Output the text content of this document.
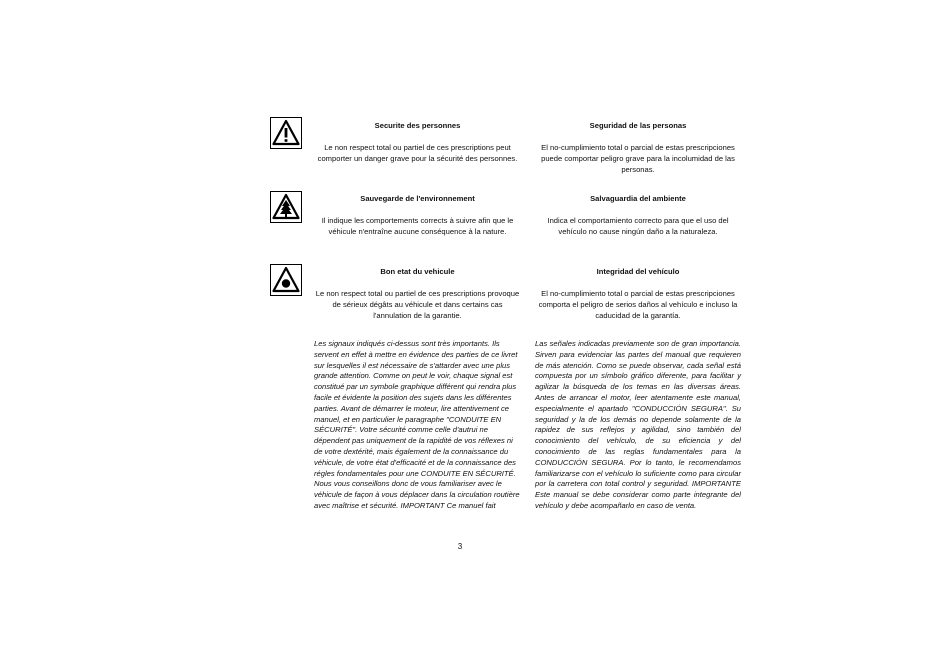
Securite des personnes

Le non respect total ou partiel de ces prescriptions peut comporter un danger grave pour la sécurité des personnes.

Seguridad de las personas

El no-cumplimiento total o parcial de estas prescripciones puede comportar peligro grave para la incolumidad de las personas.

Sauvegarde de l'environnement

Il indique les comportements corrects à suivre afin que le véhicule n'entraîne aucune conséquence à la nature.

Salvaguardia del ambiente

Indica el comportamiento correcto para que el uso del vehículo no cause ningún daño a la naturaleza.

Bon etat du vehicule

Le non respect total ou partiel de ces prescriptions provoque de sérieux dégâts au véhicule et dans certains cas l'annulation de la garantie.

Integridad del vehículo

El no-cumplimiento total o parcial de estas prescripciones comporta el peligro de serios daños al vehículo e incluso la caducidad de la garantía.

Les signaux indiqués ci-dessus sont très importants. Ils servent en effet à mettre en évidence des parties de ce livret sur lesquelles il est nécessaire de s'attarder avec une plus grande attention. Comme on peut le voir, chaque signal est constitué par un symbole graphique différent qui rendra plus facile et évidente la position des sujets dans les différentes parties. Avant de démarrer le moteur, lire attentivement ce manuel, et en particulier le paragraphe "CONDUITE EN SÉCURITÉ". Votre sécurité comme celle d'autrui ne dépendent pas uniquement de la rapidité de vos réflexes ni de votre dextérité, mais également de la connaissance du véhicule, de votre état d'efficacité et de la connaissance des régles fondamentales pour une CONDUITE EN SÉCURITÉ. Nous vous conseillons donc de vous familiariser avec le véhicule de façon à vous déplacer dans la circulation routière avec maîtrise et sécurité. IMPORTANT Ce manuel fait
Las señales indicadas previamente son de gran importancia. Sirven para evidenciar las partes del manual que requieren de más atención. Como se puede observar, cada señal está compuesta por un símbolo gráfico diferente, para facilitar y agilizar la búsqueda de los temas en las diversas áreas. Antes de arrancar el motor, leer atentamente este manual, especialmente el apartado "CONDUCCIÓN SEGURA". Su seguridad y la de los demás no depende solamente de la rapidez de sus reflejos y agilidad, sino también del conocimiento del vehículo, de su eficiencia y del conocimiento de las reglas fundamentales para la CONDUCCIÓN SEGURA. Por lo tanto, le recomendamos familiarizarse con el vehículo lo suficiente como para circular por la carretera con total control y seguridad. IMPORTANTE Este manual se debe considerar como parte integrante del vehículo y debe acompañarlo en caso de venta.
3
